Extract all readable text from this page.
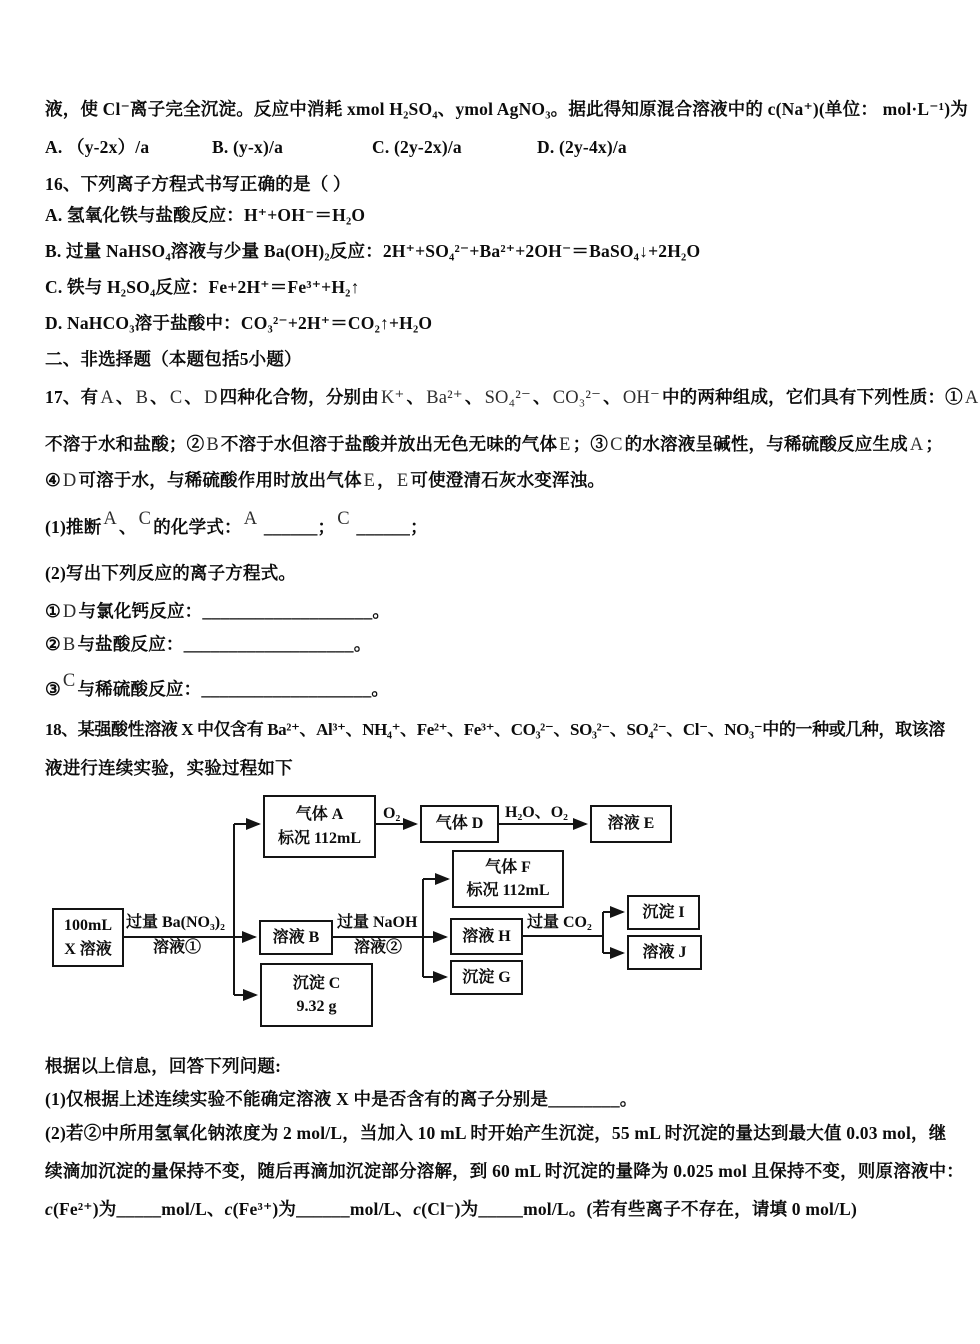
液，使 Cl⁻离子完全沉淀。反应中消耗 xmol H₂SO₄、ymol AgNO₃。据此得知原混合溶液中的 c(Na⁺)(单位： mol·L⁻¹)为
A. （y-2x）/a	B. (y-x)/a	C. (2y-2x)/a	D. (2y-4x)/a
16、下列离子方程式书写正确的是（ ）
A. 氢氧化铁与盐酸反应：H⁺+OH⁻＝H₂O
B. 过量 NaHSO₄溶液与少量 Ba(OH)₂反应：2H⁺+SO₄²⁻+Ba²⁺+2OH⁻＝BaSO₄↓+2H₂O
C. 铁与 H₂SO₄反应：Fe+2H⁺＝Fe³⁺+H₂↑
D. NaHCO₃溶于盐酸中：CO₃²⁻+2H⁺＝CO₂↑+H₂O
二、非选择题（本题包括5小题）
17、有 A 、 B 、 C 、 D 四种化合物，分别由 K⁺ 、 Ba²⁺ 、 SO₄²⁻ 、 CO₃²⁻ 、 OH⁻ 中的两种组成，它们具有下列性质：① A
不溶于水和盐酸；② B 不溶于水但溶于盐酸并放出无色无味的气体 E ；③ C 的水溶液呈碱性，与稀硫酸反应生成 A ；
④ D 可溶于水，与稀硫酸作用时放出气体 E ， E 可使澄清石灰水变浑浊。
(1)推断 A 、 C 的化学式： A ______； C ______；
(2)写出下列反应的离子方程式。
① D 与氯化钙反应：___________________。
② B 与盐酸反应：___________________。
③ C 与稀硫酸反应：___________________。
18、某强酸性溶液 X 中仅含有 Ba²⁺、Al³⁺、NH₄⁺、Fe²⁺、Fe³⁺、CO₃²⁻、SO₃²⁻、SO₄²⁻、Cl⁻、NO₃⁻中的一种或几种，取该溶
液进行连续实验，实验过程如下
100mL
X 溶液
气体 A
标况 112mL
气体 D	溶液 E
气体 F
标况 112mL
溶液 B	溶液 H
沉淀 G
沉淀 C
9.32 g
沉淀 I
溶液 J
过量 Ba(NO₃)₂
溶液①
O₂	H₂O、O₂
过量 NaOH
溶液②
过量 CO₂
根据以上信息，回答下列问题:
(1)仅根据上述连续实验不能确定溶液 X 中是否含有的离子分别是________。
(2)若②中所用氢氧化钠浓度为 2 mol/L，当加入 10 mL 时开始产生沉淀，55 mL 时沉淀的量达到最大值 0.03 mol，继
续滴加沉淀的量保持不变，随后再滴加沉淀部分溶解，到 60 mL 时沉淀的量降为 0.025 mol 且保持不变，则原溶液中：
c(Fe²⁺)为_____mol/L、c(Fe³⁺)为______mol/L、c(Cl⁻)为_____mol/L。(若有些离子不存在，请填 0 mol/L)
